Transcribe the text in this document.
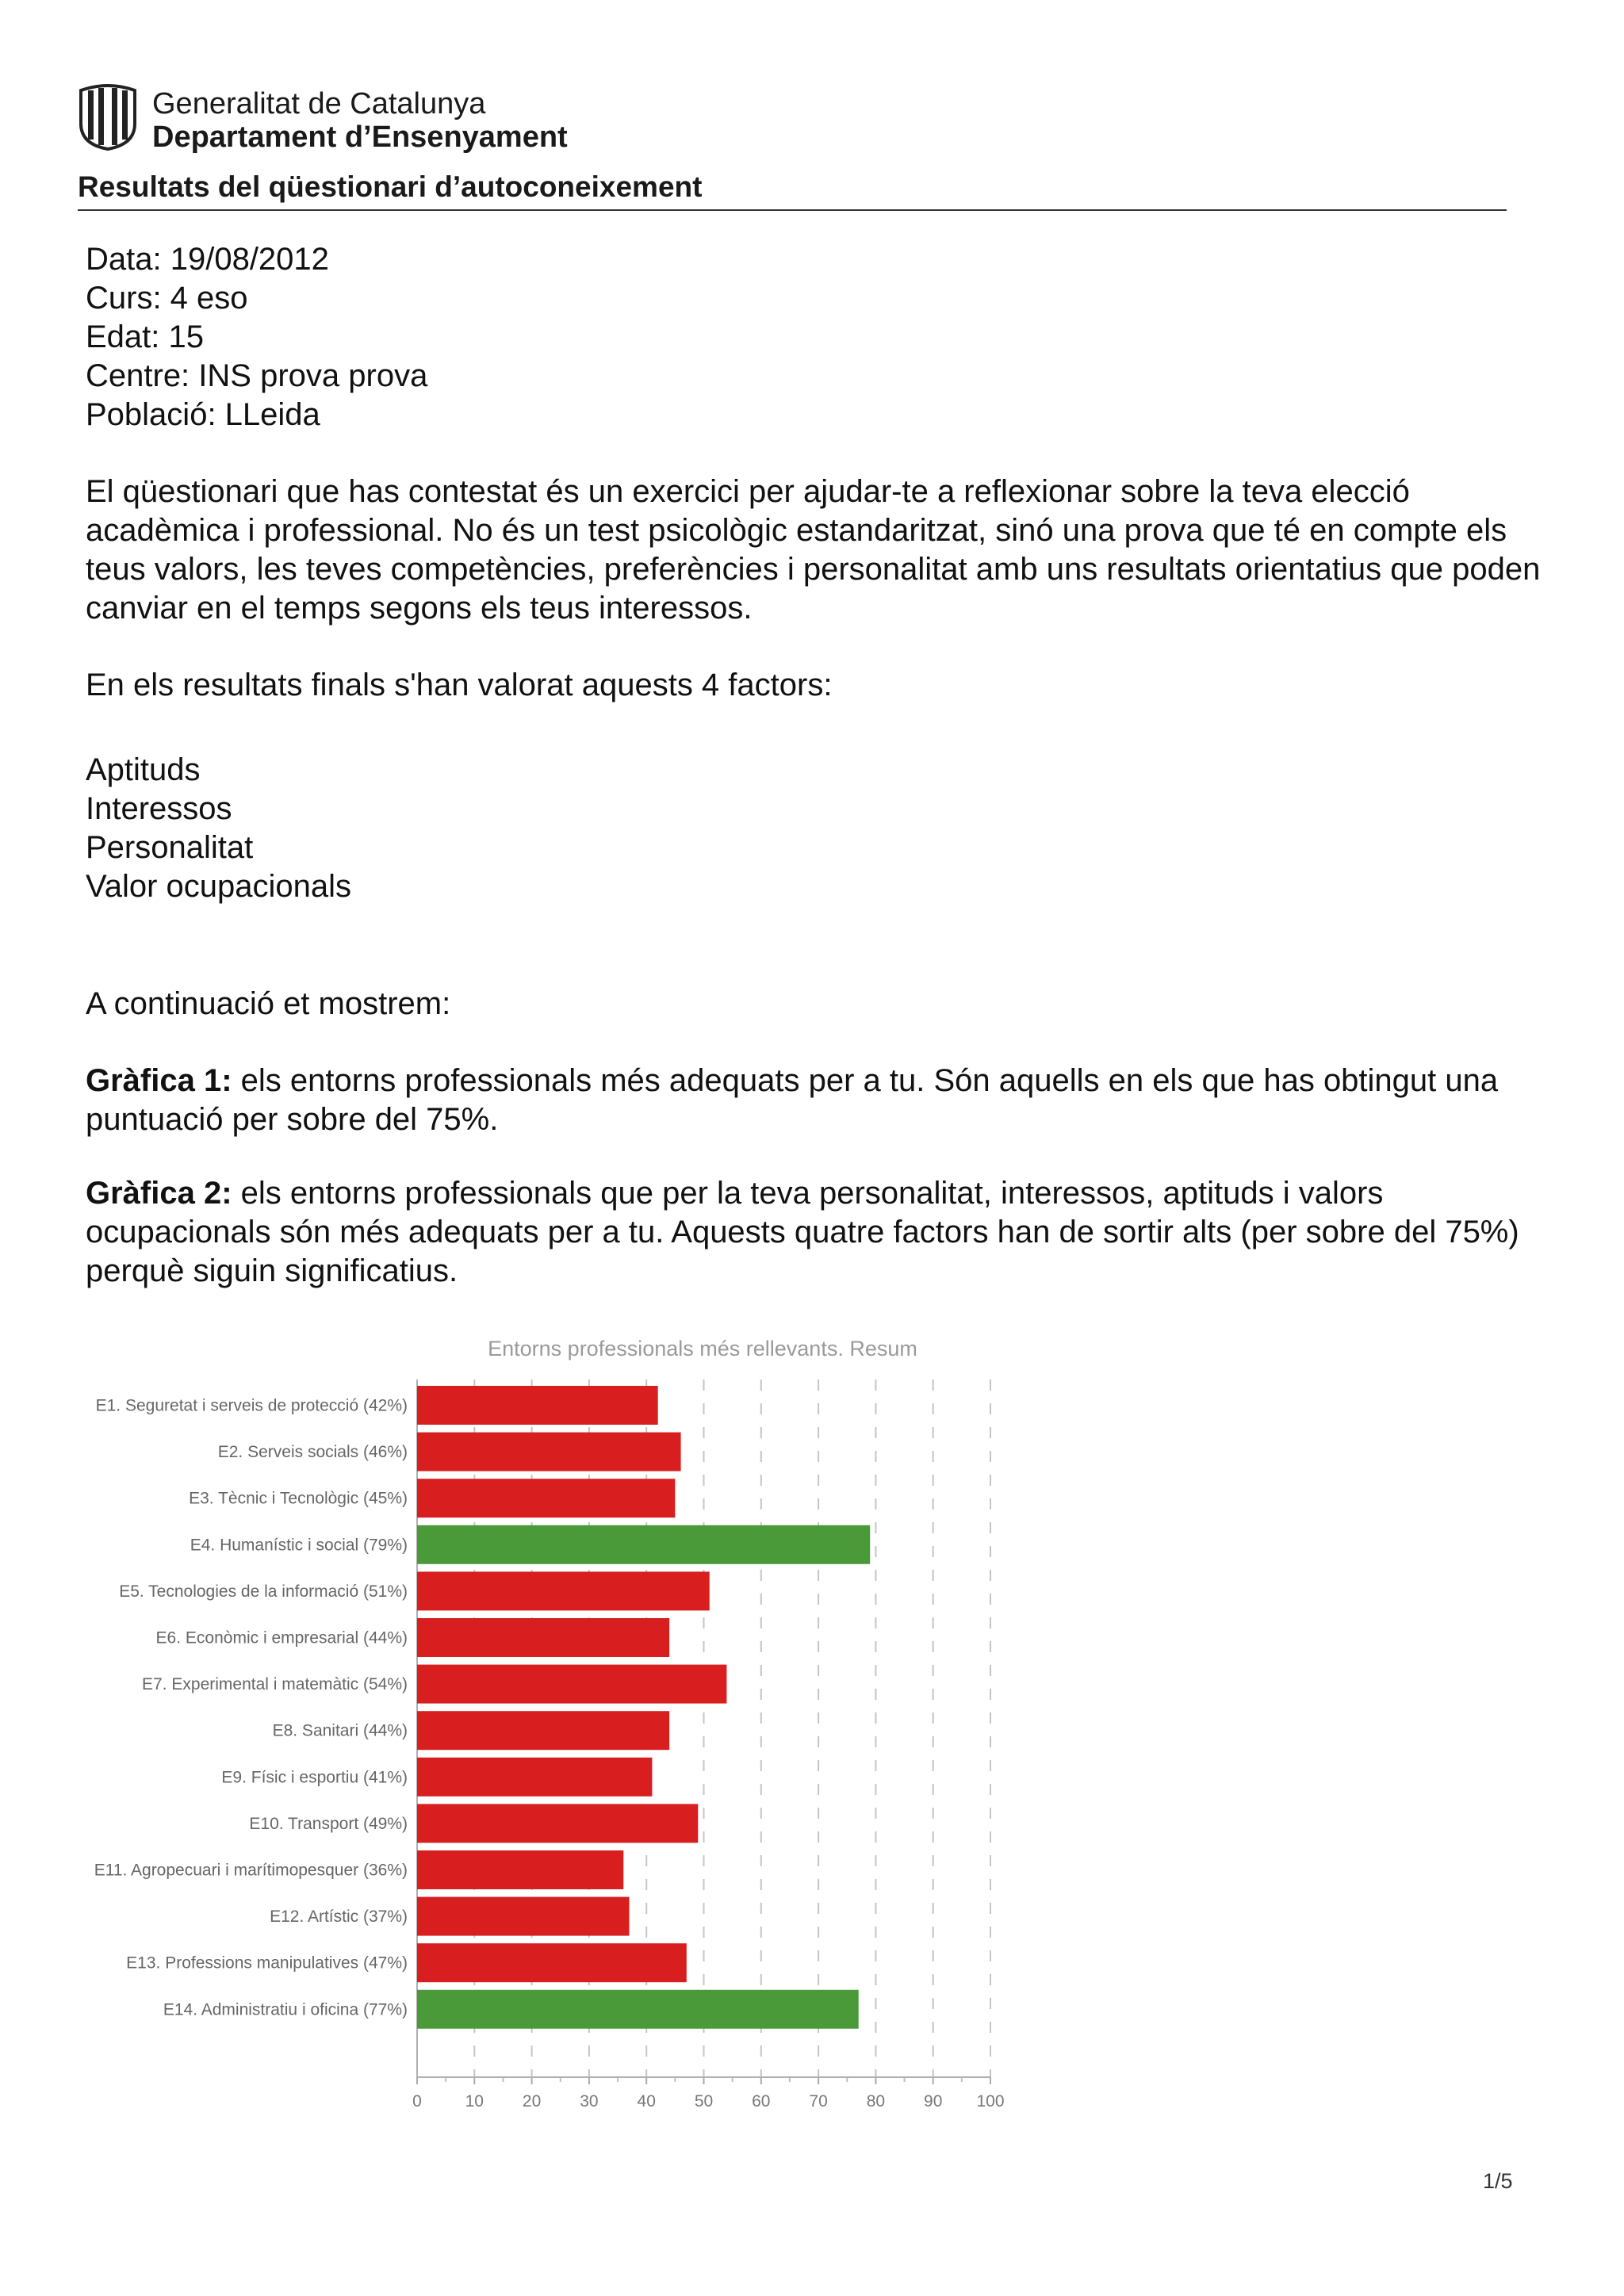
Generalitat de Catalunya
Departament d’Ensenyament
Resultats del qüestionari d’autoconeixement

Data: 19/08/2012

Curs: 4 eso

Edat: 15

Centre: INS prova prova

Població: LLeida

El qüestionari que has contestat és un exercici per ajudar-te a reflexionar sobre la teva elecció acadèmica i professional. No és un test psicològic estandaritzat, sinó una prova que té en compte els teus valors, les teves competències, preferències i personalitat amb uns resultats orientatius que poden canviar en el temps segons els teus interessos.
En els resultats finals s'han valorat aquests 4 factors:

Aptituds

Interessos

Personalitat

Valor ocupacionals

A continuació et mostrem:
Gràfica 1: els entorns professionals més adequats per a tu. Són aquells en els que has obtingut una puntuació per sobre del 75%.
Gràfica 2: els entorns professionals que per la teva personalitat, interessos, aptituds i valors ocupacionals són més adequats per a tu. Aquests quatre factors han de sortir alts (per sobre del 75%) perquè siguin significatius.
Entorns professionals més rellevants. Resum
0	10 20 30 40 50 60 70 80 90 100
E1. Seguretat i serveis de protecció (42%)
E2. Serveis socials (46%)
E3. Tècnic i Tecnològic (45%)
E4. Humanístic i social (79%)
E5. Tecnologies de la informació (51%)
E6. Econòmic i empresarial (44%)
E7. Experimental i matemàtic (54%)
E8. Sanitari (44%)
E9. Físic i esportiu (41%)
E10. Transport (49%)
E11. Agropecuari i marítimopesquer (36%)
E12. Artístic (37%)
E13. Professions manipulatives (47%)
E14. Administratiu i oficina (77%)
1/5
